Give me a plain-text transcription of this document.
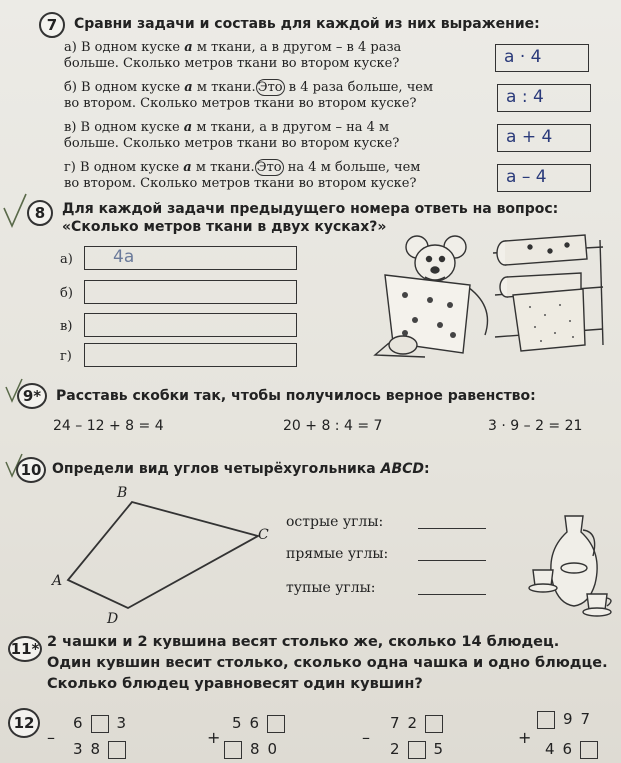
7	Сравни задачи и составь для каждой из них выражение:
а) В одном куске a м ткани, а в другом – в 4 раза
больше. Сколько метров ткани во втором куске?	a · 4
б) В одном куске a м ткани. Это в 4 раза больше, чем
во втором. Сколько метров ткани во втором куске?	a : 4
в) В одном куске a м ткани, а в другом – на 4 м
больше. Сколько метров ткани во втором куске?	a + 4
г) В одном куске a м ткани. Это на 4 м больше, чем
во втором. Сколько метров ткани во втором куске?	a – 4
8	Для каждой задачи предыдущего номера ответь на вопрос:
«Сколько метров ткани в двух кусках?»
а) 4a
б)
в)
г)
9*	Расставь скобки так, чтобы получилось верное равенство:
24 – 12 + 8 = 4	20 + 8 : 4 = 7	3 · 9 – 2 = 21
10 Определи вид углов четырёхугольника ABCD:
B
C
A
D
острые углы:
прямые углы:
тупые углы:
11* 2 чашки и 2 кувшина весят столько же, сколько 14 блюдец.
Один кувшин весит столько, сколько одна чашка и одно блюдце.
Сколько блюдец уравновесят один кувшин?
12
–
6 3
3 8
+
5 6
8 0
–
7 2
2 5
+
9 7
4 6
